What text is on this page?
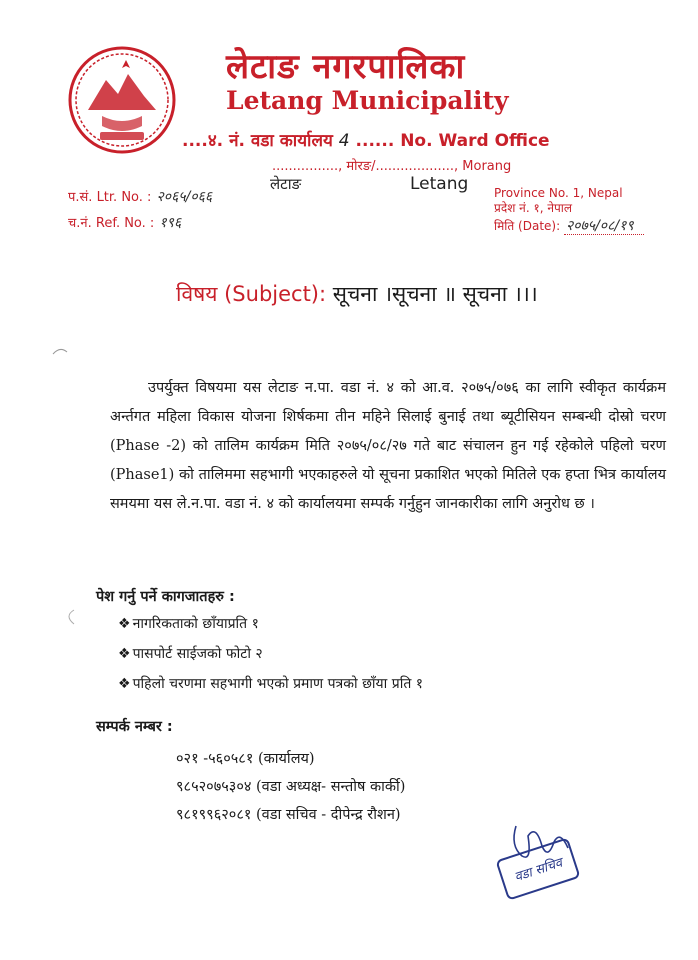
लेटाङ नगरपालिका
Letang Municipality
....४. नं. वडा कार्यालय 4 ...... No. Ward Office
................, मोरङ/..................., Morang
लेटाङ	Letang
प.सं. Ltr. No. : २०६५/०६६
च.नं. Ref. No. : १९६
Province No. 1, Nepal
प्रदेश नं. १, नेपाल
मिति (Date): २०७५/०८/१९
विषय (Subject): सूचना ।सूचना ॥ सूचना ।।।
उपर्युक्त विषयमा यस लेटाङ न.पा. वडा नं. ४ को आ.व. २०७५/०७६ का लागि स्वीकृत कार्यक्रम अर्न्तगत महिला विकास योजना शिर्षकमा तीन महिने सिलाई बुनाई तथा ब्यूटीसियन सम्बन्धी दोस्रो चरण (Phase -2) को तालिम कार्यक्रम मिति २०७५/०८/२७ गते बाट संचालन हुन गई रहेकोले पहिलो चरण (Phase1) को तालिममा सहभागी भएकाहरुले यो सूचना प्रकाशित भएको मितिले एक हप्ता भित्र कार्यालय समयमा यस ले.न.पा. वडा नं. ४ को कार्यालयमा सम्पर्क गर्नुहुन जानकारीका लागि अनुरोध छ ।
पेश गर्नु पर्ने कागजातहरु :
❖ नागरिकताको छाँयाप्रति १
❖ पासपोर्ट साईजको फोटो २
❖ पहिलो चरणमा सहभागी भएको प्रमाण पत्रको छाँया प्रति १
सम्पर्क नम्बर :
०२१ -५६०५८१ (कार्यालय)
९८५२०७५३०४ (वडा अध्यक्ष- सन्तोष कार्की)
९८१९९६२०८१ (वडा सचिव - दीपेन्द्र रौशन)
वडा सचिव
